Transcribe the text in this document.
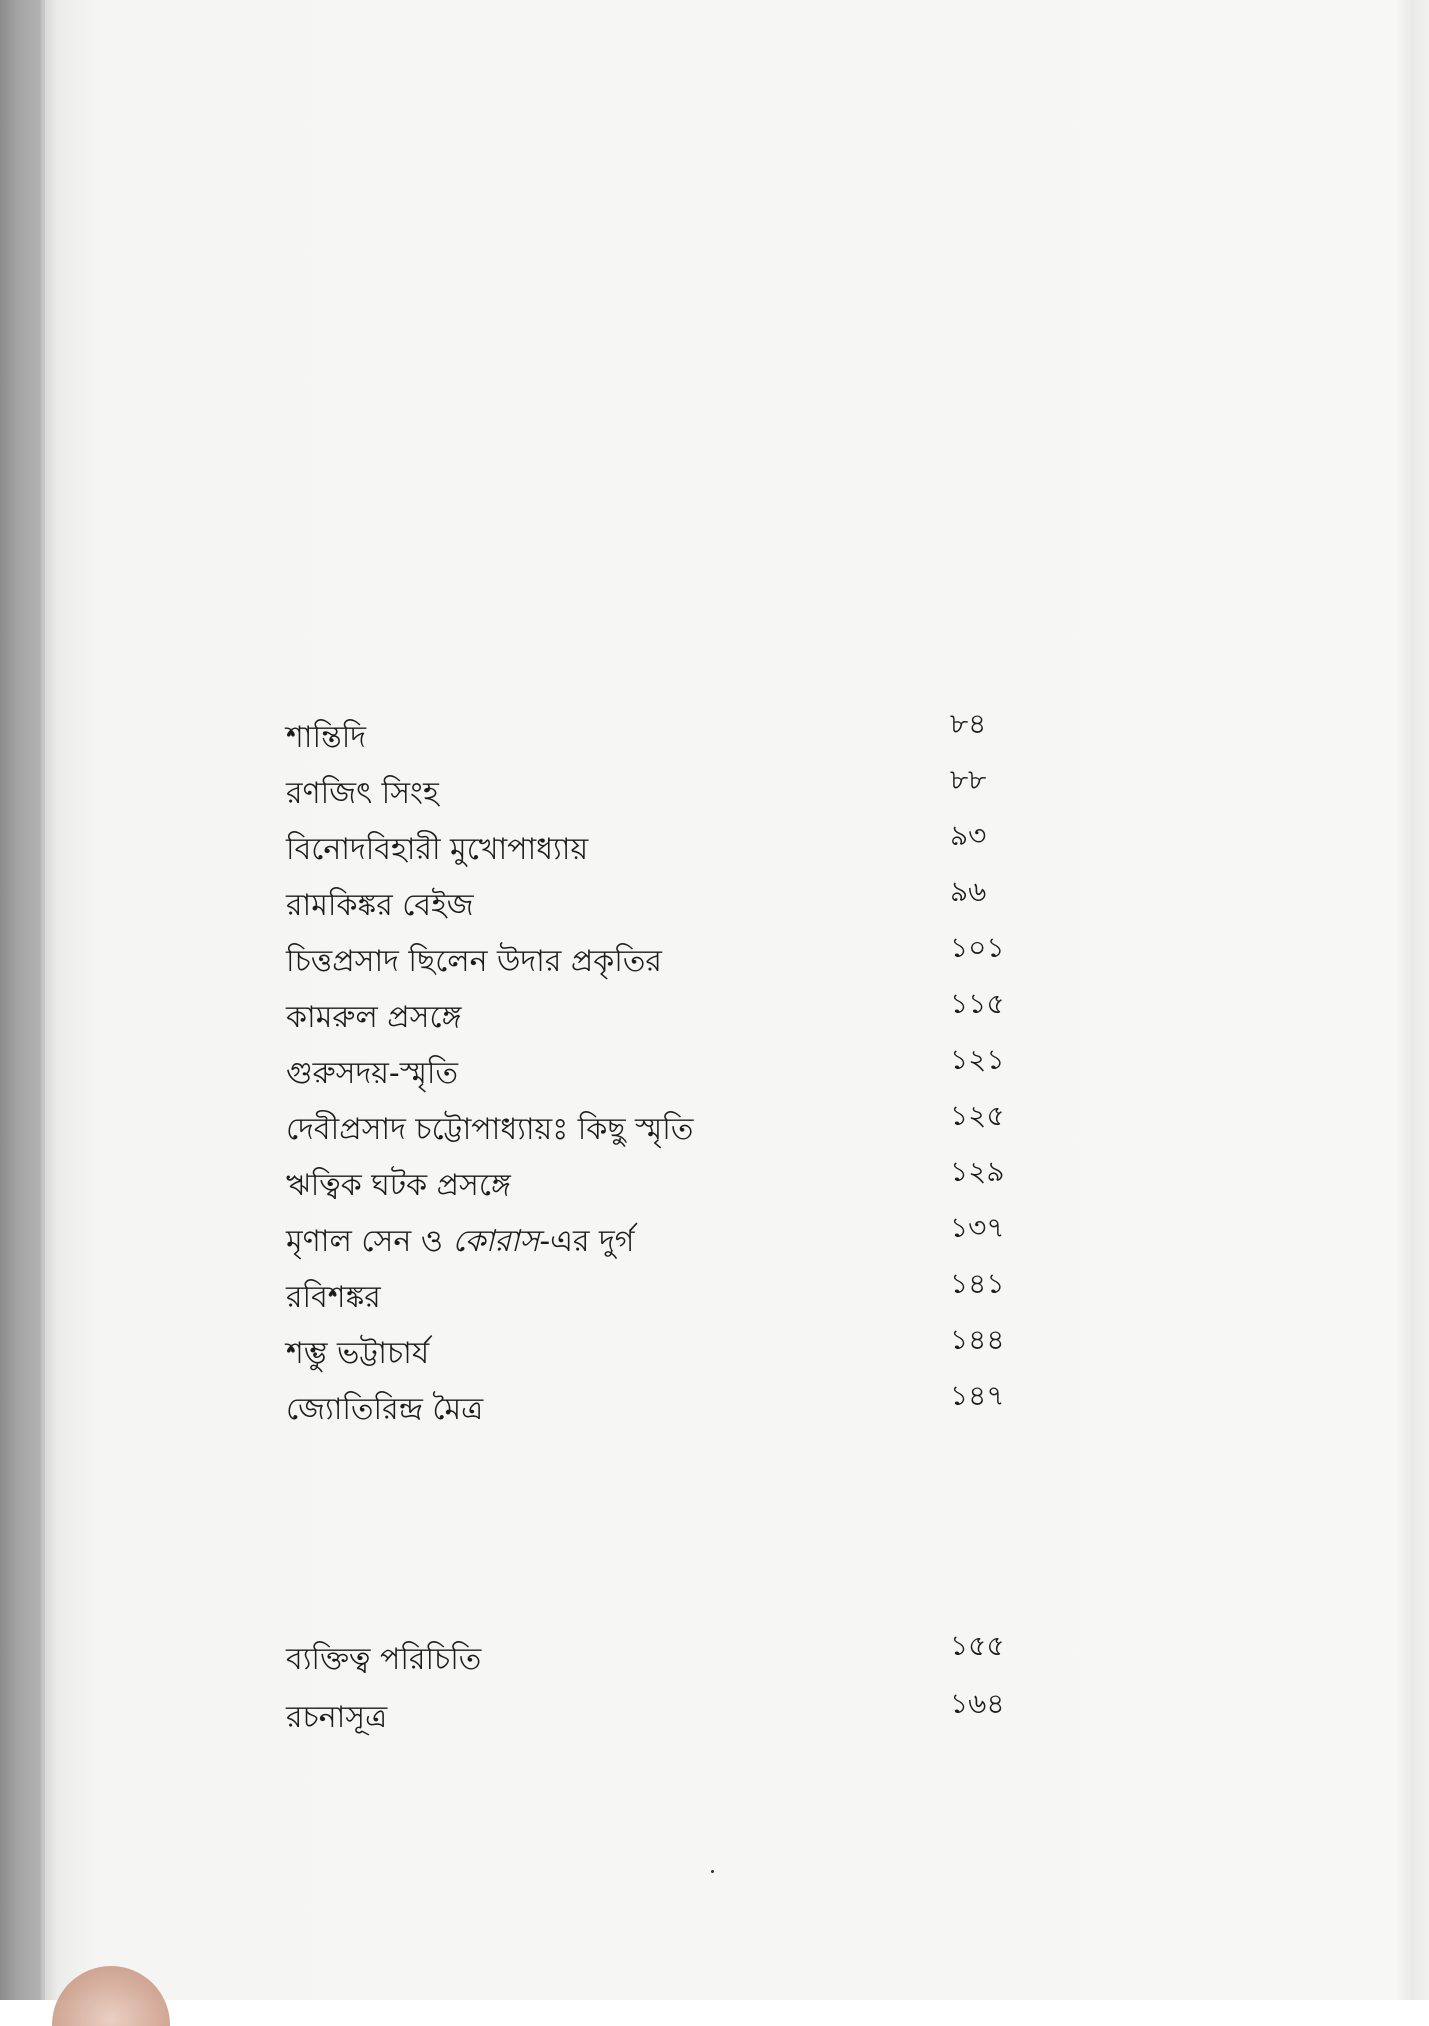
শান্তিদি	৮৪
রণজিৎ সিংহ	৮৮
বিনোদবিহারী মুখোপাধ্যায়	৯৩
রামকিঙ্কর বেইজ	৯৬
চিত্তপ্রসাদ ছিলেন উদার প্রকৃতির	১০১
কামরুল প্রসঙ্গে	১১৫
গুরুসদয়-স্মৃতি	১২১
দেবীপ্রসাদ চট্টোপাধ্যায়ঃ কিছু স্মৃতি	১২৫
ঋত্বিক ঘটক প্রসঙ্গে	১২৯
মৃণাল সেন ও কোরাস-এর দুর্গ	১৩৭
রবিশঙ্কর	১৪১
শম্ভু ভট্টাচার্য	১৪৪
জ্যোতিরিন্দ্র মৈত্র	১৪৭
ব্যক্তিত্ব পরিচিতি	১৫৫
রচনাসূত্র	১৬৪
